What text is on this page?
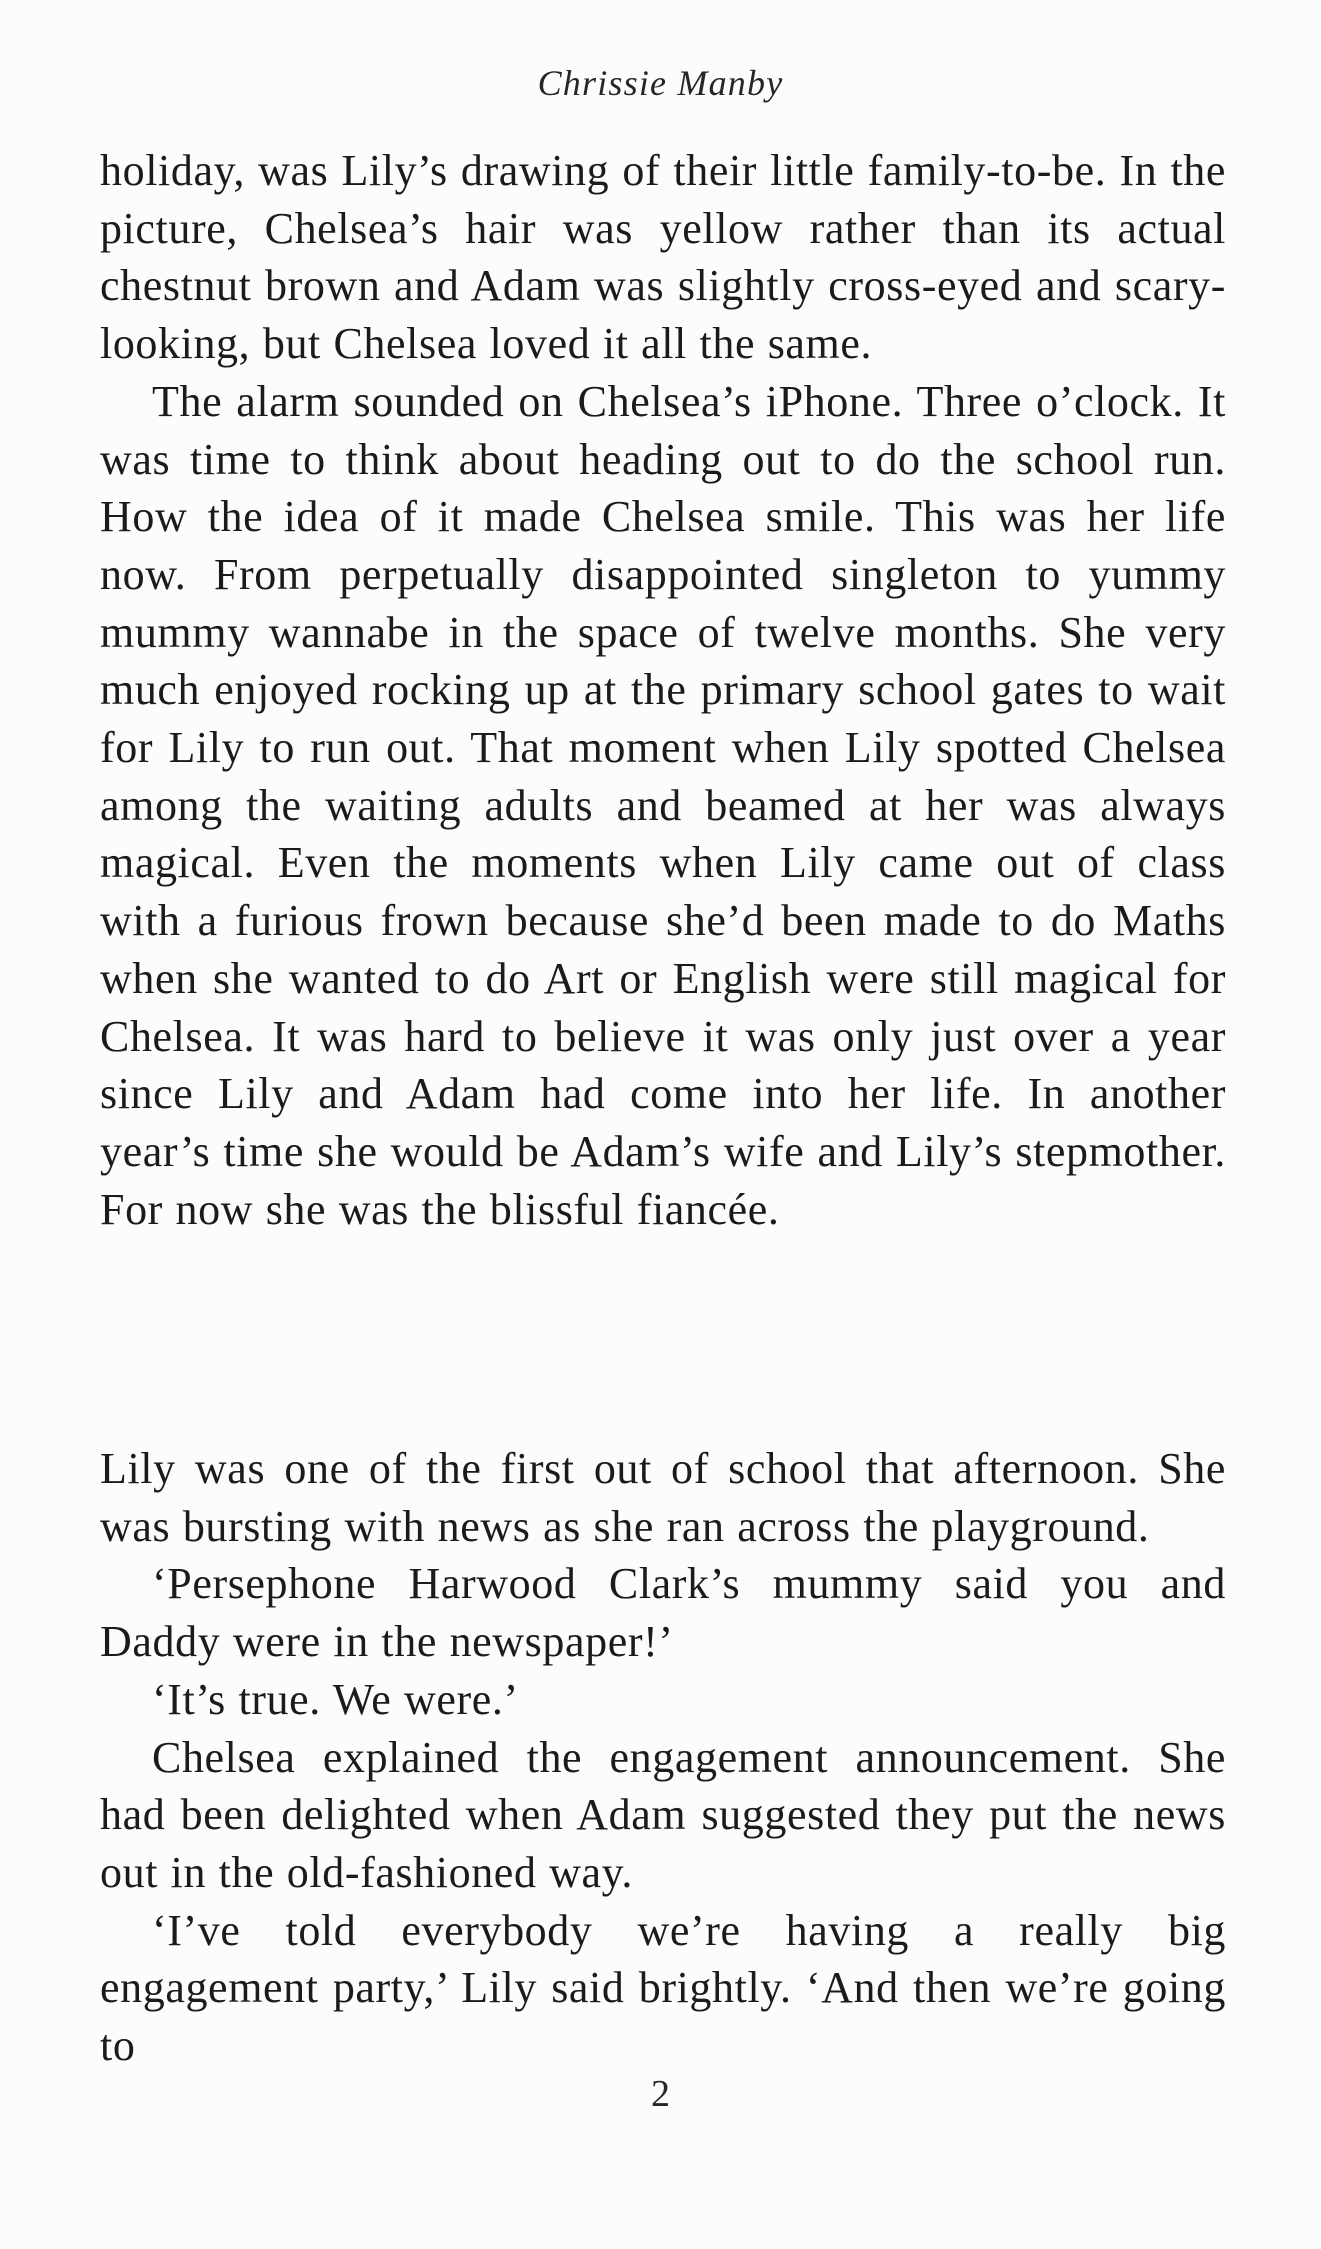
Chrissie Manby

holiday, was Lily’s drawing of their little family-to-be. In the picture, Chelsea’s hair was yellow rather than its actual chestnut brown and Adam was slightly cross-eyed and scary-looking, but Chelsea loved it all the same.

The alarm sounded on Chelsea’s iPhone. Three o’clock. It was time to think about heading out to do the school run. How the idea of it made Chelsea smile. This was her life now. From perpetually disappointed singleton to yummy mummy wannabe in the space of twelve months. She very much enjoyed rocking up at the primary school gates to wait for Lily to run out. That moment when Lily spotted Chelsea among the waiting adults and beamed at her was always magical. Even the moments when Lily came out of class with a furious frown because she’d been made to do Maths when she wanted to do Art or English were still magical for Chelsea. It was hard to believe it was only just over a year since Lily and Adam had come into her life. In another year’s time she would be Adam’s wife and Lily’s stepmother. For now she was the blissful fiancée.

Lily was one of the first out of school that afternoon. She was bursting with news as she ran across the playground.

‘Persephone Harwood Clark’s mummy said you and Daddy were in the newspaper!’

‘It’s true. We were.’

Chelsea explained the engagement announcement. She had been delighted when Adam suggested they put the news out in the old-fashioned way.

‘I’ve told everybody we’re having a really big engagement party,’ Lily said brightly. ‘And then we’re going to

2
